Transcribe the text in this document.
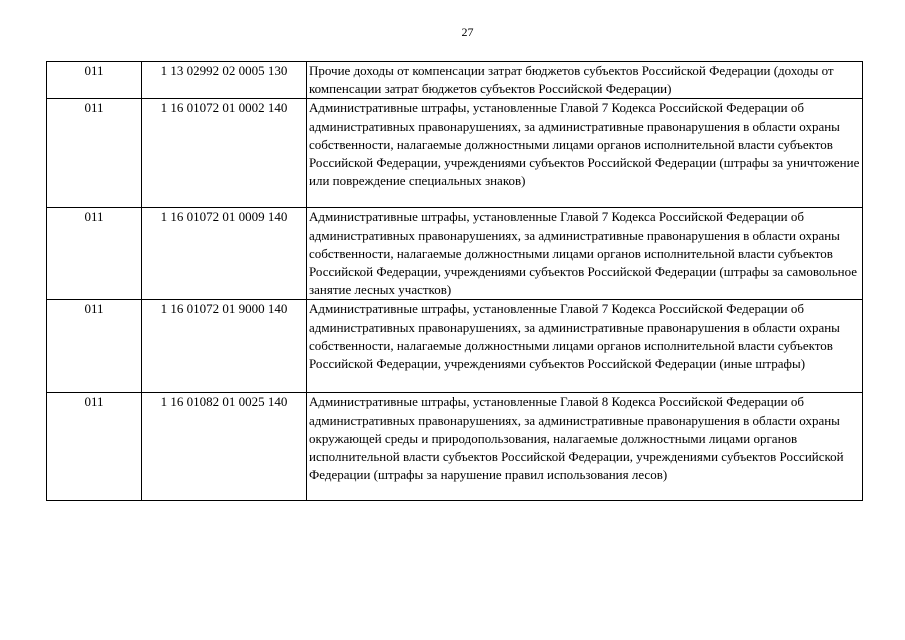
27
011	1 13 02992 02 0005 130	Прочие доходы от компенсации затрат бюджетов субъектов Российской Федерации (доходы от компенсации затрат бюджетов субъектов Российской Федерации)
011	1 16 01072 01 0002 140	Административные штрафы, установленные Главой 7 Кодекса Российской Федерации об административных правонарушениях, за административные правонарушения в области охраны собственности, налагаемые должностными лицами органов исполнительной власти субъектов Российской Федерации, учреждениями субъектов Российской Федерации (штрафы за уничтожение или повреждение специальных знаков)
011	1 16 01072 01 0009 140	Административные штрафы, установленные Главой 7 Кодекса Российской Федерации об административных правонарушениях, за административные правонарушения в области охраны собственности, налагаемые должностными лицами органов исполнительной власти субъектов Российской Федерации, учреждениями субъектов Российской Федерации (штрафы за самовольное занятие лесных участков)
011	1 16 01072 01 9000 140	Административные штрафы, установленные Главой 7 Кодекса Российской Федерации об административных правонарушениях, за административные правонарушения в области охраны собственности, налагаемые должностными лицами органов исполнительной власти субъектов Российской Федерации, учреждениями субъектов Российской Федерации (иные штрафы)
011	1 16 01082 01 0025 140	Административные штрафы, установленные Главой 8 Кодекса Российской Федерации об административных правонарушениях, за административные правонарушения в области охраны окружающей среды и природопользования, налагаемые должностными лицами органов исполнительной власти субъектов Российской Федерации, учреждениями субъектов Российской Федерации (штрафы за нарушение правил использования лесов)
